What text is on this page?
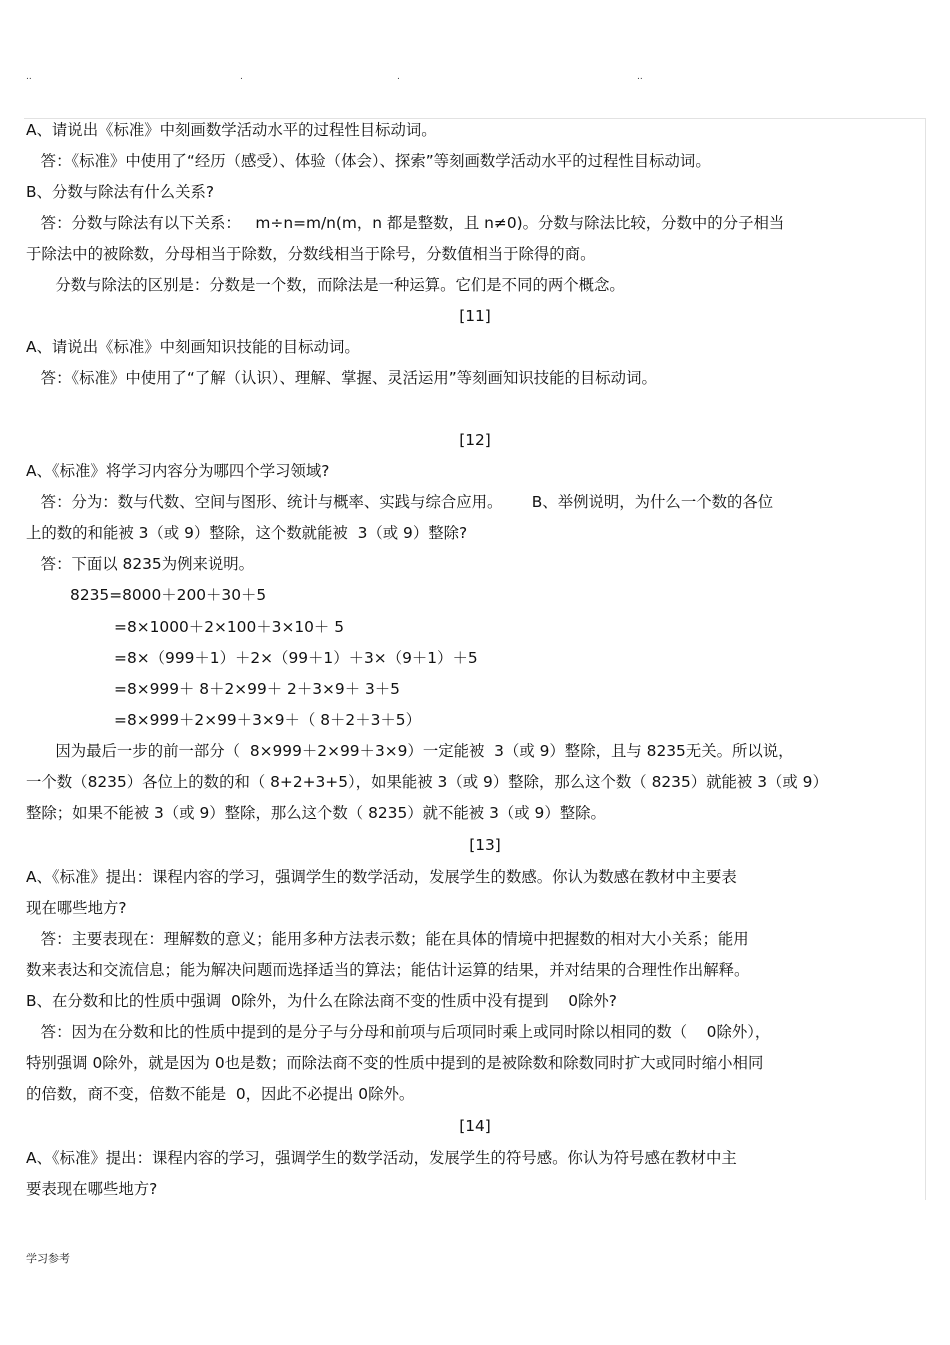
..	.	.	..
A、请说出《标准》中刻画数学活动水平的过程性目标动词。
答：《标准》中使用了“经历（感受）、体验（体会）、探索”等刻画数学活动水平的过程性目标动词。
B、分数与除法有什么关系?
答：分数与除法有以下关系：   m÷n=m/n(m，n 都是整数，且 n≠0)。分数与除法比较，分数中的分子相当
于除法中的被除数，分母相当于除数，分数线相当于除号，分数值相当于除得的商。
分数与除法的区别是：分数是一个数，而除法是一种运算。它们是不同的两个概念。
[11]
A、请说出《标准》中刻画知识技能的目标动词。
答：《标准》中使用了“了解（认识）、理解、掌握、灵活运用”等刻画知识技能的目标动词。
[12]
A、《标准》将学习内容分为哪四个学习领域?
答：分为：数与代数、空间与图形、统计与概率、实践与综合应用。      B、举例说明，为什么一个数的各位
上的数的和能被 3（或 9）整除，这个数就能被  3（或 9）整除?
答：下面以 8235为例来说明。
8235=8000＋200＋30＋5
=8×1000＋2×100＋3×10＋ 5
=8×（999＋1）＋2×（99＋1）＋3×（9＋1）＋5
=8×999＋ 8＋2×99＋ 2＋3×9＋ 3＋5
=8×999＋2×99＋3×9＋（ 8＋2＋3＋5）
因为最后一步的前一部分（  8×999＋2×99＋3×9）一定能被  3（或 9）整除，且与 8235无关。所以说，
一个数（8235）各位上的数的和（ 8+2+3+5），如果能被 3（或 9）整除，那么这个数（ 8235）就能被 3（或 9）
整除；如果不能被 3（或 9）整除，那么这个数（ 8235）就不能被 3（或 9）整除。
[13]
A、《标准》提出：课程内容的学习，强调学生的数学活动，发展学生的数感。你认为数感在教材中主要表
现在哪些地方?
答：主要表现在：理解数的意义；能用多种方法表示数；能在具体的情境中把握数的相对大小关系；能用
数来表达和交流信息；能为解决问题而选择适当的算法；能估计运算的结果，并对结果的合理性作出解释。
B、在分数和比的性质中强调  0除外，为什么在除法商不变的性质中没有提到    0除外?
答：因为在分数和比的性质中提到的是分子与分母和前项与后项同时乘上或同时除以相同的数（    0除外），
特别强调 0除外，就是因为 0也是数；而除法商不变的性质中提到的是被除数和除数同时扩大或同时缩小相同
的倍数，商不变，倍数不能是  0，因此不必提出 0除外。
[14]
A、《标准》提出：课程内容的学习，强调学生的数学活动，发展学生的符号感。你认为符号感在教材中主
要表现在哪些地方?
学习参考
